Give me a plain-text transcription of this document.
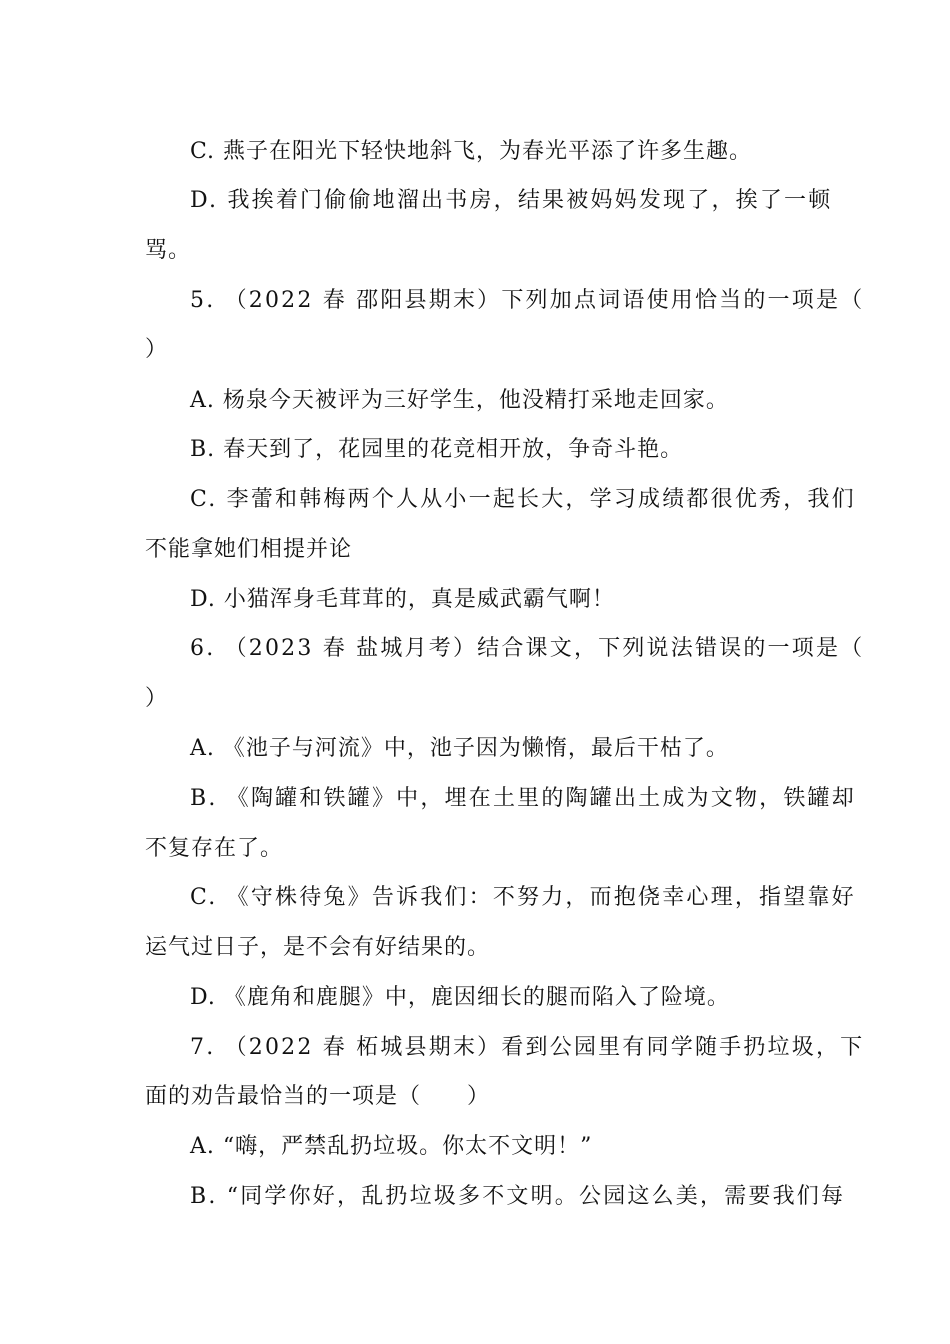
C. 燕子在阳光下轻快地斜飞，为春光平添了许多生趣。
D. 我挨着门偷偷地溜出书房，结果被妈妈发现了，挨了一顿
骂。
5. （2022 春 邵阳县期末）下列加点词语使用恰当的一项是（
）
A. 杨泉今天被评为三好学生，他没精打采地走回家。
B. 春天到了，花园里的花竞相开放，争奇斗艳。
C. 李蕾和韩梅两个人从小一起长大，学习成绩都很优秀，我们
不能拿她们相提并论
D. 小猫浑身毛茸茸的，真是威武霸气啊！
6. （2023 春 盐城月考）结合课文，下列说法错误的一项是（
）
A. 《池子与河流》中，池子因为懒惰，最后干枯了。
B. 《陶罐和铁罐》中，埋在土里的陶罐出土成为文物，铁罐却
不复存在了。
C. 《守株待兔》告诉我们：不努力，而抱侥幸心理，指望靠好
运气过日子，是不会有好结果的。
D. 《鹿角和鹿腿》中，鹿因细长的腿而陷入了险境。
7. （2022 春 柘城县期末）看到公园里有同学随手扔垃圾，下
面的劝告最恰当的一项是（　　）
A. “嗨，严禁乱扔垃圾。你太不文明！”
B. “同学你好，乱扔垃圾多不文明。公园这么美，需要我们每
